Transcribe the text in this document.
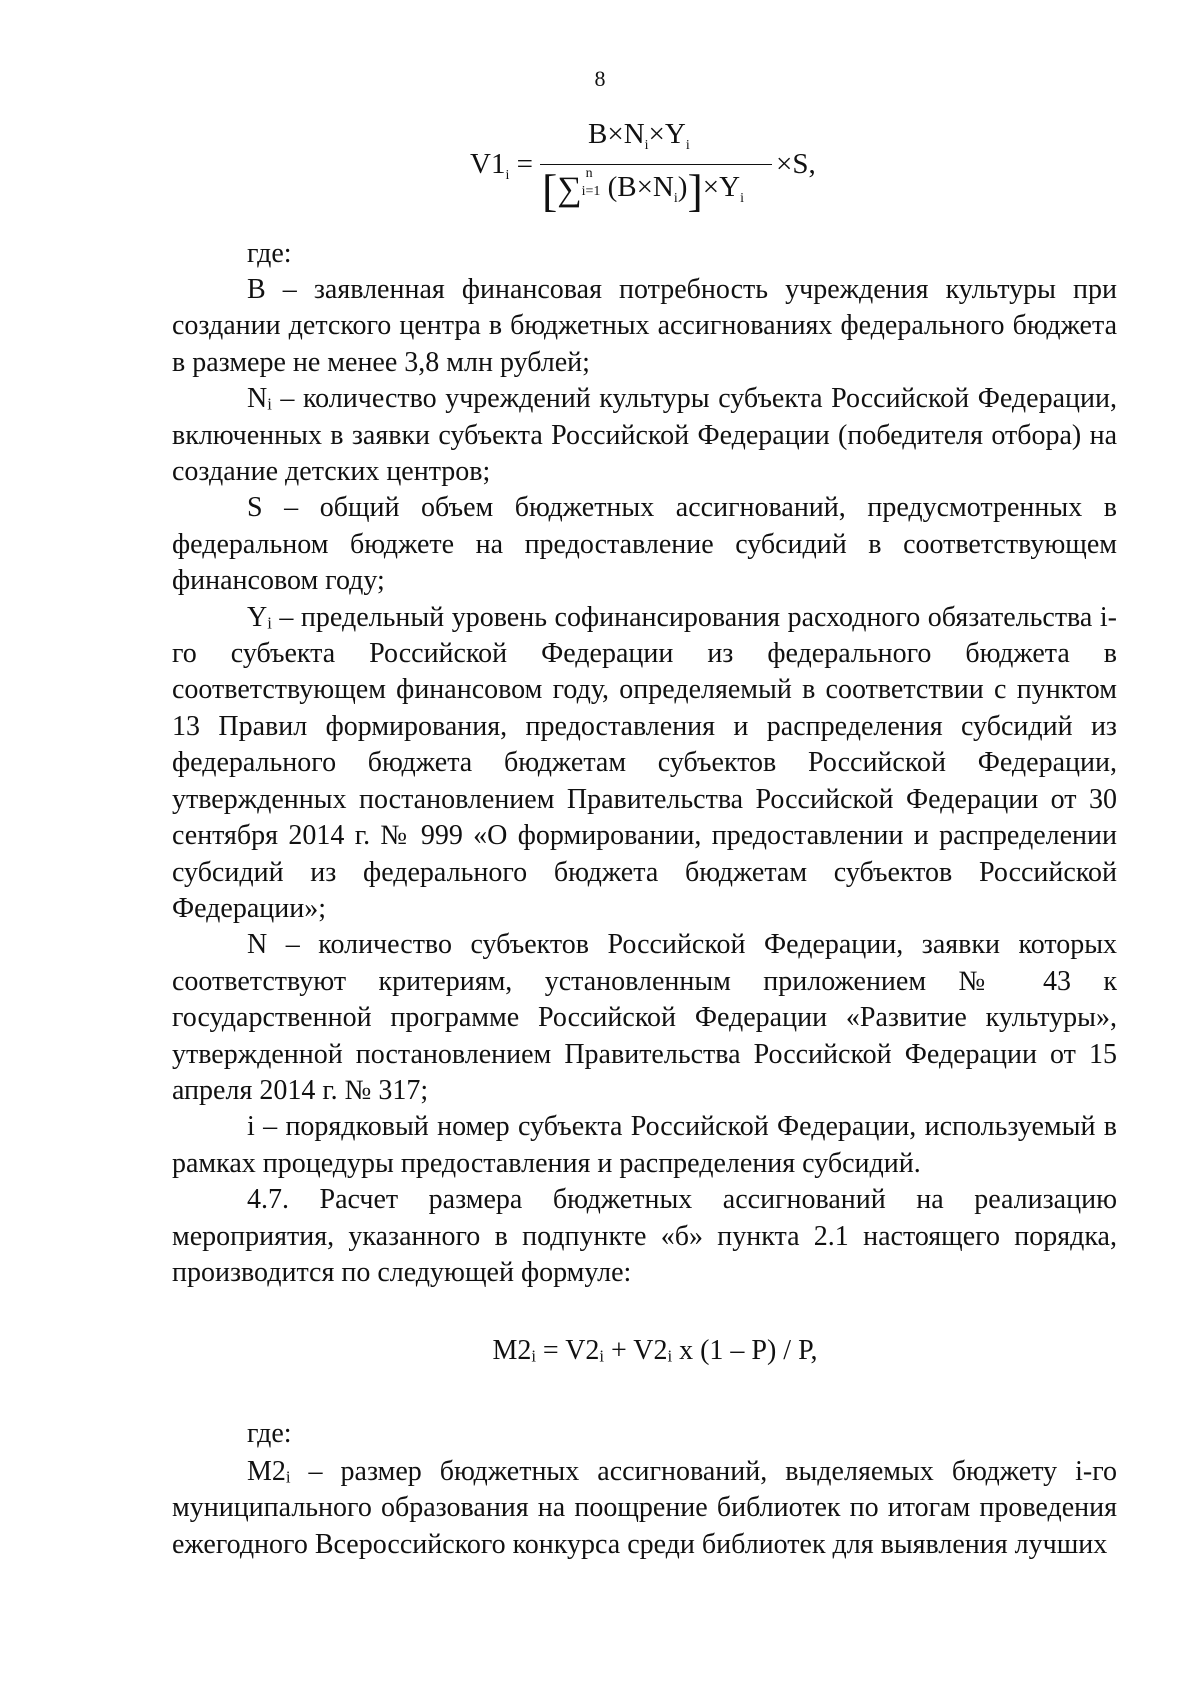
8
$V1_i$ =
$B\times N_i\times Y_i$
[∑ n
i=1 $(B\times N_i)]\times Y_i$
×S,
где:

В – заявленная финансовая потребность учреждения культуры при создании детского центра в бюджетных ассигнованиях федерального бюджета в размере не менее 3,8 млн рублей;

Nᵢ – количество учреждений культуры субъекта Российской Федерации, включенных в заявки субъекта Российской Федерации (победителя отбора) на создание детских центров;

S – общий объем бюджетных ассигнований, предусмотренных в федеральном бюджете на предоставление субсидий в соответствующем финансовом году;

Yᵢ – предельный уровень софинансирования расходного обязательства i-го субъекта Российской Федерации из федерального бюджета в соответствующем финансовом году, определяемый в соответствии с пунктом 13 Правил формирования, предоставления и распределения субсидий из федерального бюджета бюджетам субъектов Российской Федерации, утвержденных постановлением Правительства Российской Федерации от 30 сентября 2014 г. № 999 «О формировании, предоставлении и распределении субсидий из федерального бюджета бюджетам субъектов Российской Федерации»;

N – количество субъектов Российской Федерации, заявки которых соответствуют критериям, установленным приложением № 43 к государственной программе Российской Федерации «Развитие культуры», утвержденной постановлением Правительства Российской Федерации от 15 апреля 2014 г. № 317;

i – порядковый номер субъекта Российской Федерации, используемый в рамках процедуры предоставления и распределения субсидий.

4.7. Расчет размера бюджетных ассигнований на реализацию мероприятия, указанного в подпункте «б» пункта 2.1 настоящего порядка, производится по следующей формуле:

M2ᵢ = V2ᵢ + V2ᵢ х (1 – P) / P,
где:

M2ᵢ – размер бюджетных ассигнований, выделяемых бюджету i-го муниципального образования на поощрение библиотек по итогам проведения ежегодного Всероссийского конкурса среди библиотек для выявления лучших
